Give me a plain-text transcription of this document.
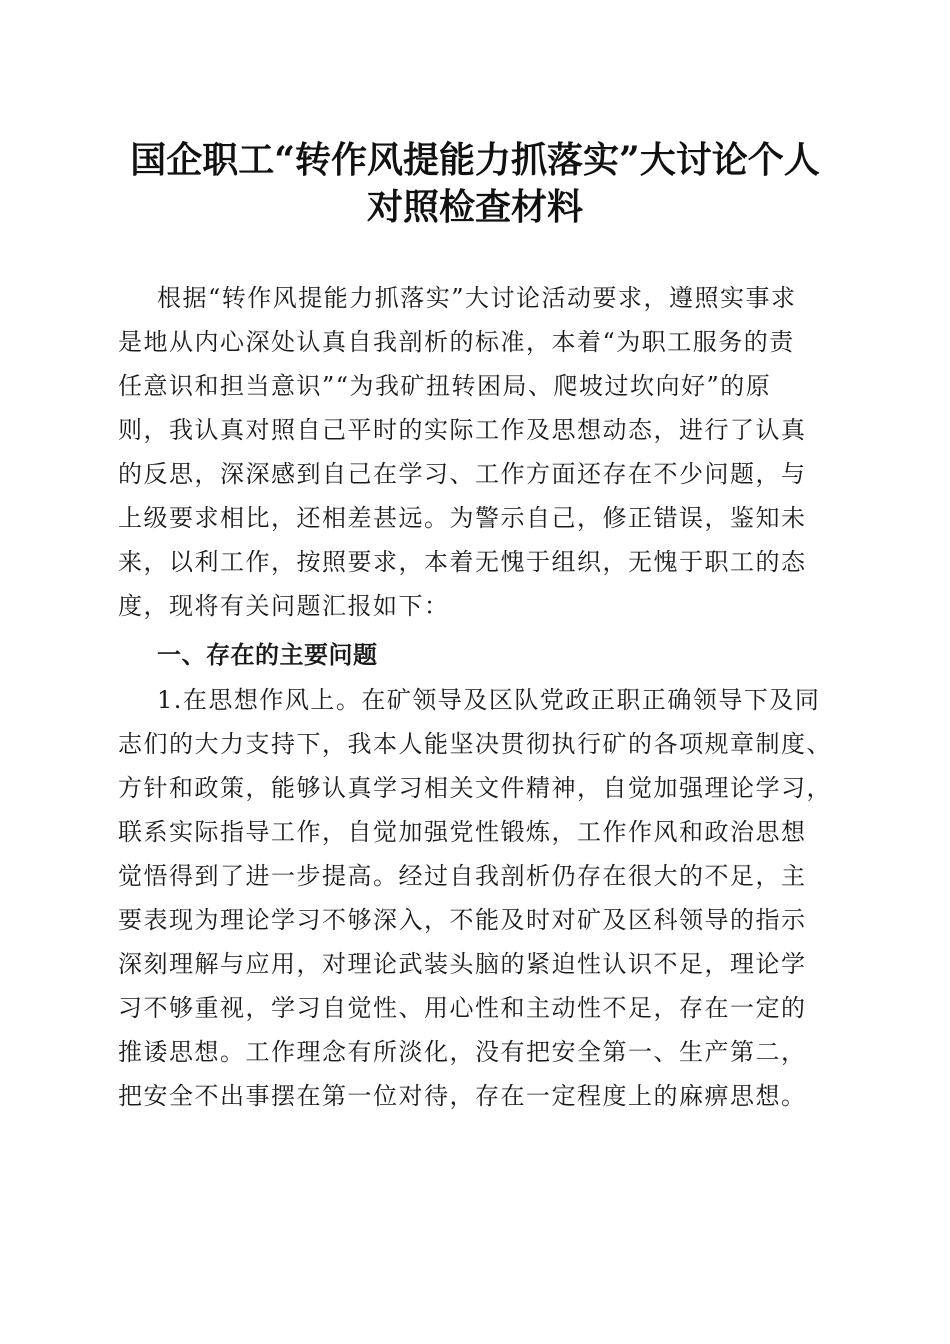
国企职工“转作风提能力抓落实”大讨论个人
对照检查材料

根据“转作风提能力抓落实”大讨论活动要求，遵照实事求

是地从内心深处认真自我剖析的标准，本着“为职工服务的责

任意识和担当意识”“为我矿扭转困局、爬坡过坎向好”的原

则，我认真对照自己平时的实际工作及思想动态，进行了认真

的反思，深深感到自己在学习、工作方面还存在不少问题，与

上级要求相比，还相差甚远。为警示自己，修正错误，鉴知未

来，以利工作，按照要求，本着无愧于组织，无愧于职工的态

度，现将有关问题汇报如下：

一、存在的主要问题

1.在思想作风上。在矿领导及区队党政正职正确领导下及同

志们的大力支持下，我本人能坚决贯彻执行矿的各项规章制度、

方针和政策，能够认真学习相关文件精神，自觉加强理论学习，

联系实际指导工作，自觉加强党性锻炼，工作作风和政治思想

觉悟得到了进一步提高。经过自我剖析仍存在很大的不足，主

要表现为理论学习不够深入，不能及时对矿及区科领导的指示

深刻理解与应用，对理论武装头脑的紧迫性认识不足，理论学

习不够重视，学习自觉性、用心性和主动性不足，存在一定的

推诿思想。工作理念有所淡化，没有把安全第一、生产第二，

把安全不出事摆在第一位对待，存在一定程度上的麻痹思想。
